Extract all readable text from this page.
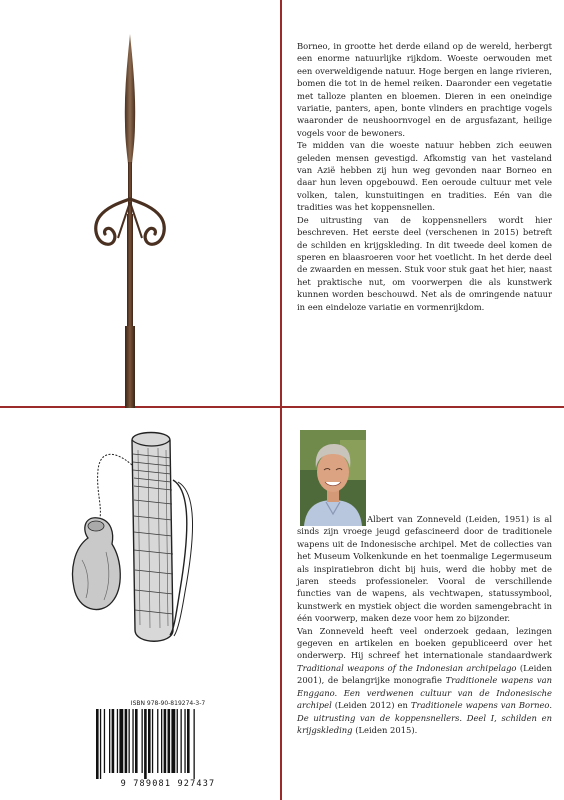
Borneo, in grootte het derde eiland op de wereld, herbergt een enorme natuurlijke rijkdom. Woeste oerwouden met een overweldigende natuur. Hoge bergen en lange rivieren, bomen die tot in de hemel reiken. Daaronder een vegetatie met talloze planten en bloemen. Dieren in een oneindige variatie, panters, apen, bonte vlinders en prachtige vogels waaronder de neushoornvogel en de argusfazant, heilige vogels voor de bewoners.

Te midden van die woeste natuur hebben zich eeuwen geleden mensen gevestigd. Afkomstig van het vasteland van Azië hebben zij hun weg gevonden naar Borneo en daar hun leven opgebouwd. Een oeroude cultuur met vele volken, talen, kunstuitingen en tradities. Eén van die tradities was het koppensnellen.

De uitrusting van de koppensnellers wordt hier beschreven. Het eerste deel (verschenen in 2015) betreft de schilden en krijgskleding. In dit tweede deel komen de speren en blaasroeren voor het voetlicht. In het derde deel de zwaarden en messen. Stuk voor stuk gaat het hier, naast het praktische nut, om voorwerpen die als kunstwerk kunnen worden beschouwd. Net als de omringende natuur in een eindeloze variatie en vormenrijkdom.

Albert van Zonneveld (Leiden, 1951) is al sinds zijn vroege jeugd gefascineerd door de traditionele wapens uit de Indonesische archipel. Met de collecties van het Museum Volkenkunde en het toenmalige Legermuseum als inspiratiebron dicht bij huis, werd die hobby met de jaren steeds professioneler. Vooral de verschillende functies van de wapens, als vechtwapen, statussymbool, kunstwerk en mystiek object die worden samengebracht in één voorwerp, maken deze voor hem zo bijzonder.

Van Zonneveld heeft veel onderzoek gedaan, lezingen gegeven en artikelen en boeken gepubliceerd over het onderwerp. Hij schreef het internationale standaardwerk Traditional weapons of the Indonesian archipelago (Leiden 2001), de belangrijke monografie Traditionele wapens van Enggano. Een verdwenen cultuur van de Indonesische archipel (Leiden 2012) en Traditionele wapens van Borneo. De uitrusting van de koppensnellers. Deel I, schilden en krijgskleding (Leiden 2015).

ISBN 978-90-819274-3-7
9 789081 927437
